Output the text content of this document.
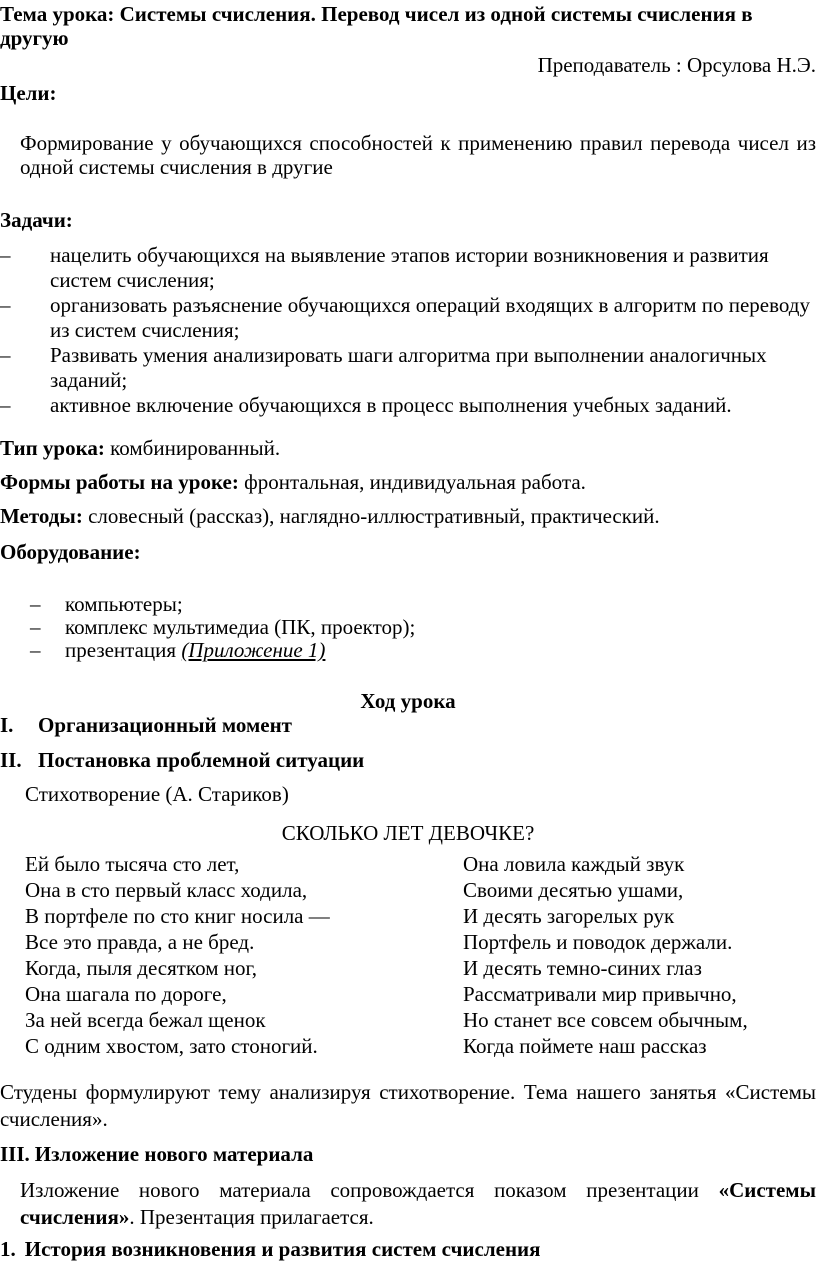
Тема урока: Системы счисления. Перевод чисел из одной системы счисления в
другую
Преподаватель : Орсулова Н.Э.
Цели:

Формирование у обучающихся способностей к применению правил перевода чисел из одной системы счисления в другие

Задачи:
– нацелить обучающихся на выявление этапов истории возникновения и развития систем счисления;
– организовать разъяснение обучающихся операций входящих в алгоритм по переводу из систем счисления;
– Развивать умения анализировать шаги алгоритма при выполнении аналогичных заданий;
– активное включение обучающихся в процесс выполнения учебных заданий.

Тип урока: комбинированный.

Формы работы на уроке: фронтальная, индивидуальная работа.

Методы: словесный (рассказ), наглядно-иллюстративный, практический.

Оборудование:
– компьютеры;
– комплекс мультимедиа (ПК, проектор);
– презентация (Приложение 1)
Ход урока
I. Организационный момент
II. Постановка проблемной ситуации

Стихотворение (А. Стариков)

СКОЛЬКО ЛЕТ ДЕВОЧКЕ?
Ей было тысяча сто лет,
Она в сто первый класс ходила,
В портфеле по сто книг носила —
Все это правда, а не бред.
Когда, пыля десятком ног,
Она шагала по дороге,
За ней всегда бежал щенок
С одним хвостом, зато стоногий.
Она ловила каждый звук
Своими десятью ушами,
И десять загорелых рук
Портфель и поводок держали.
И десять темно-синих глаз
Рассматривали мир привычно,
Но станет все совсем обычным,
Когда поймете наш рассказ

Студены формулируют тему анализируя стихотворение. Тема нашего занятья «Системы счисления».

III. Изложение нового материала

Изложение нового материала сопровождается показом презентации «Системы счисления». Презентация прилагается.

1. История возникновения и развития систем счисления
